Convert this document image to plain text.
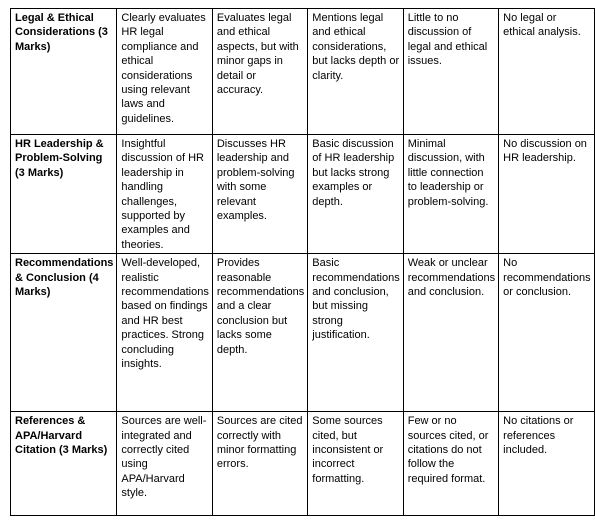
Legal & Ethical Considerations (3 Marks)	Clearly evaluates HR legal compliance and ethical considerations using relevant laws and guidelines.	Evaluates legal and ethical aspects, but with minor gaps in detail or accuracy.	Mentions legal and ethical considerations, but lacks depth or clarity.	Little to no discussion of legal and ethical issues.	No legal or ethical analysis.
HR Leadership & Problem-Solving (3 Marks)	Insightful discussion of HR leadership in handling challenges, supported by examples and theories.	Discusses HR leadership and problem-solving with some relevant examples.	Basic discussion of HR leadership but lacks strong examples or depth.	Minimal discussion, with little connection to leadership or problem-solving.	No discussion on HR leadership.
Recommendations & Conclusion (4 Marks)	Well-developed, realistic recommendations based on findings and HR best practices. Strong concluding insights.	Provides reasonable recommendations and a clear conclusion but lacks some depth.	Basic recommendations and conclusion, but missing strong justification.	Weak or unclear recommendations and conclusion.	No recommendations or conclusion.
References & APA/Harvard Citation (3 Marks)	Sources are well-integrated and correctly cited using APA/Harvard style.	Sources are cited correctly with minor formatting errors.	Some sources cited, but inconsistent or incorrect formatting.	Few or no sources cited, or citations do not follow the required format.	No citations or references included.
